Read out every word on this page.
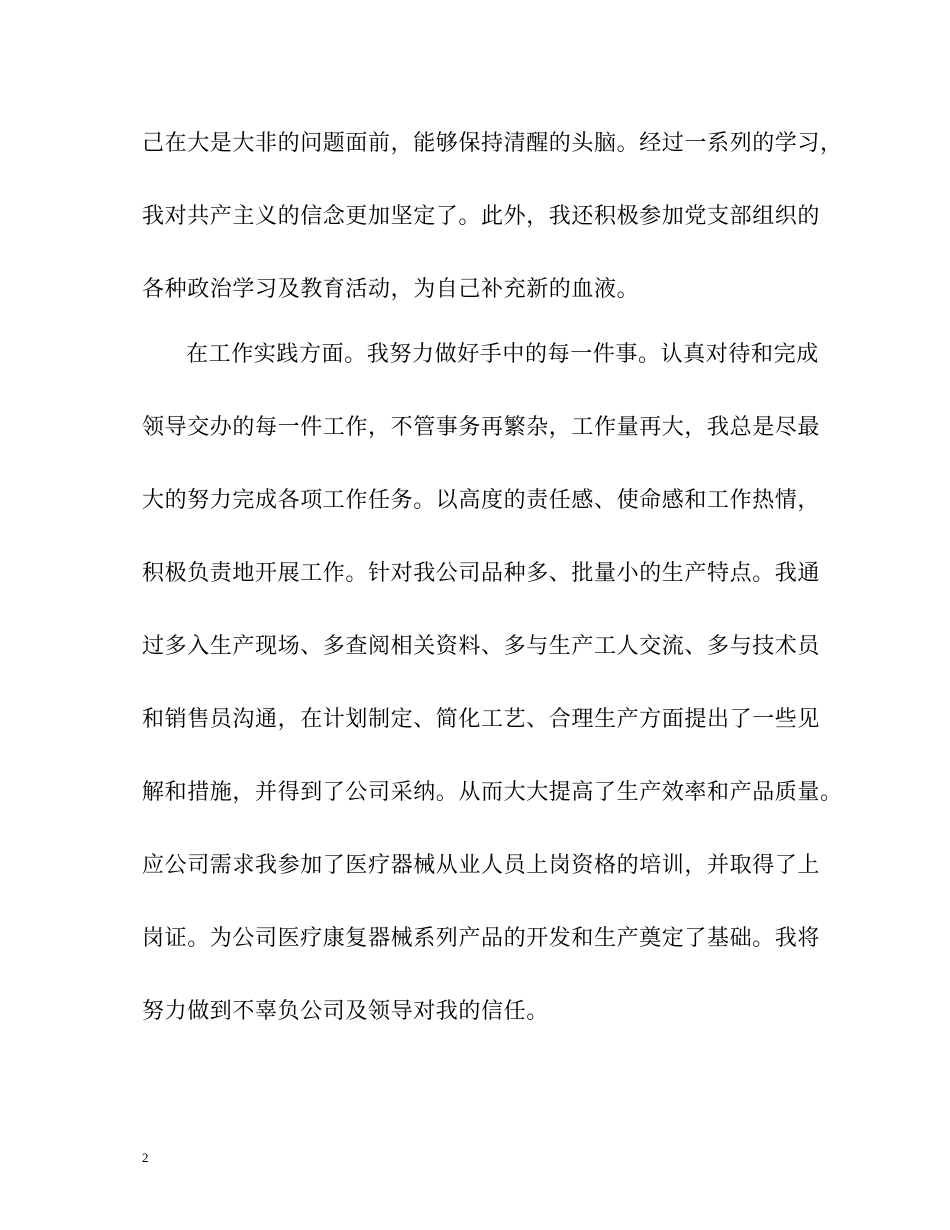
己在大是大非的问题面前，能够保持清醒的头脑。经过一系列的学习，
我对共产主义的信念更加坚定了。此外，我还积极参加党支部组织的
各种政治学习及教育活动，为自己补充新的血液。
在工作实践方面。我努力做好手中的每一件事。认真对待和完成
领导交办的每一件工作，不管事务再繁杂，工作量再大，我总是尽最
大的努力完成各项工作任务。以高度的责任感、使命感和工作热情，
积极负责地开展工作。针对我公司品种多、批量小的生产特点。我通
过多入生产现场、多查阅相关资料、多与生产工人交流、多与技术员
和销售员沟通，在计划制定、简化工艺、合理生产方面提出了一些见
解和措施，并得到了公司采纳。从而大大提高了生产效率和产品质量。
应公司需求我参加了医疗器械从业人员上岗资格的培训，并取得了上
岗证。为公司医疗康复器械系列产品的开发和生产奠定了基础。我将
努力做到不辜负公司及领导对我的信任。
2
